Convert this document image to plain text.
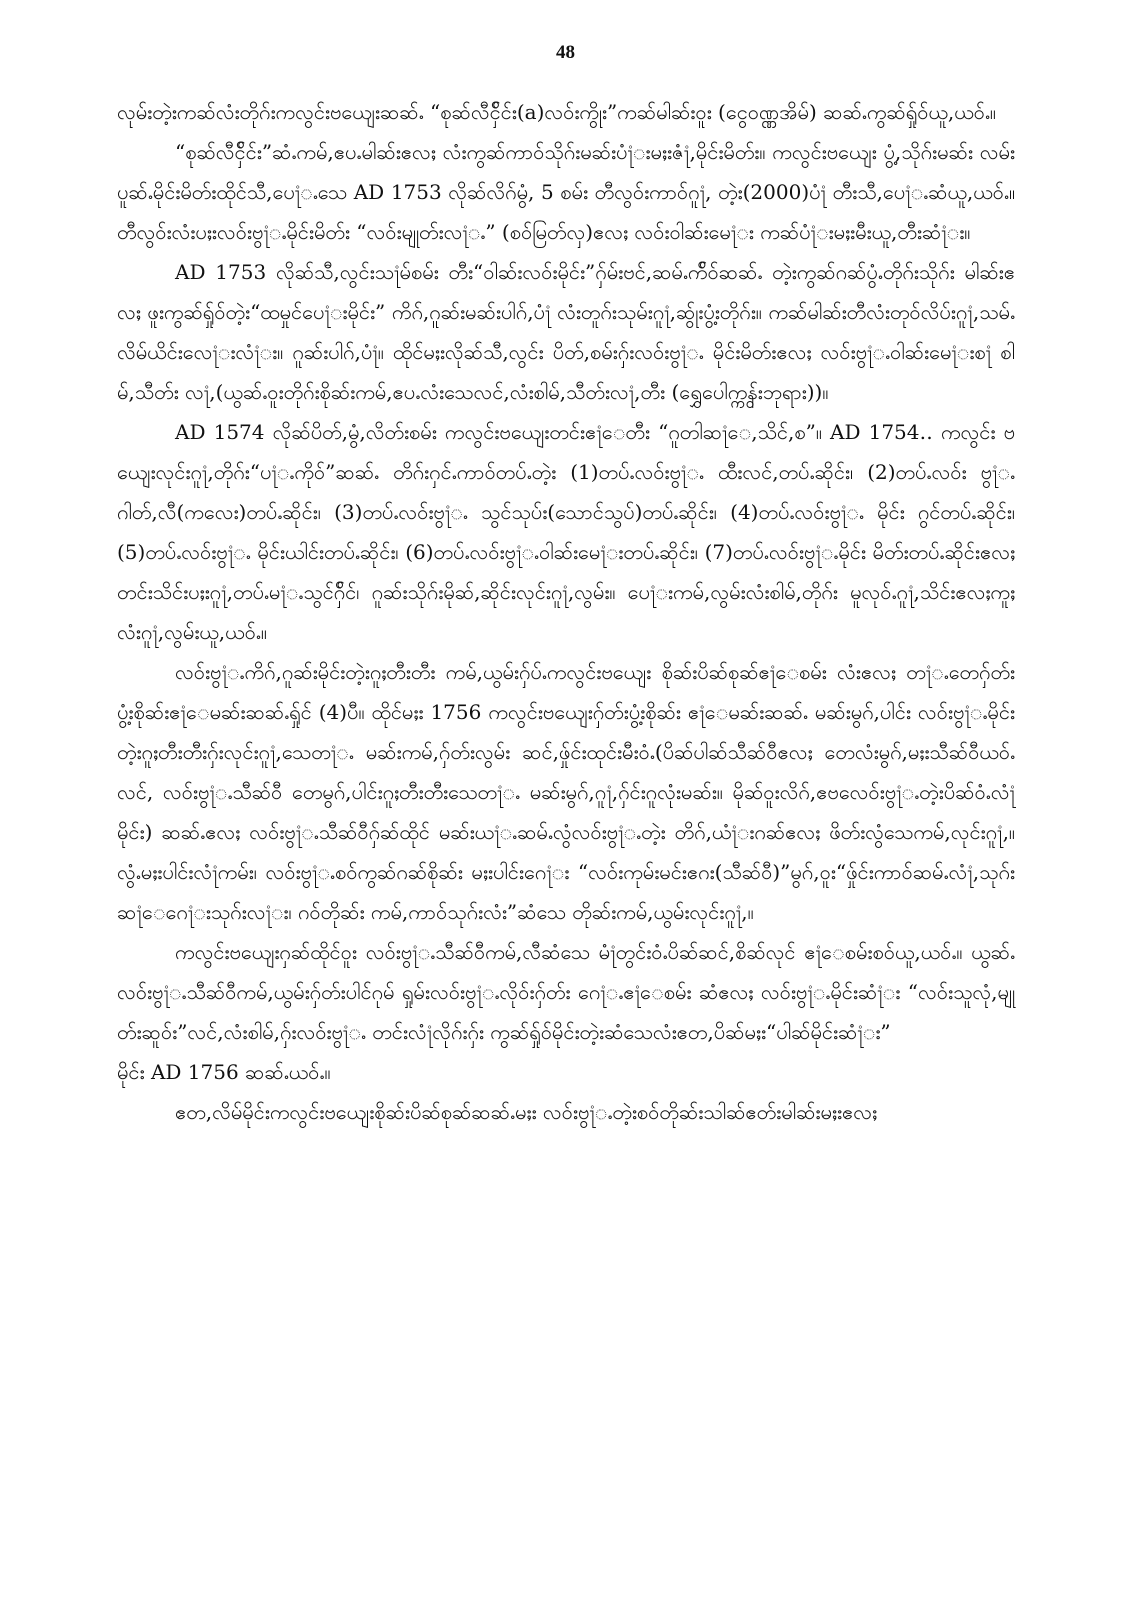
48

လုမ်းတဲ့းကဆ်လံးတိုဂ်းကလွင်းဗယျေးဆဆ်ႉ “စုဆ်လီငှ်ိင်း(a)လဝ်းကွိုး”ကဆ်မါဆ်းဝူး (ငွေဝဏ္ဏအိမ်) ဆဆ်ႉကွဆ်ရှ်ုဝ်ယူ,ယဝ်ႉ။

“စုဆ်လီငှ်ိင်း”ဆံႉကမ်,ဧပႉမါဆ်းဧလႈ လံးကွဆ်ကာဝ်သိုဂ်းမဆ်းပံ႞းမႈးဇံ႞,မိုင်းမိတ်း။ ကလွင်းဗယျေး ပွံ့,သိုဂ်းမဆ်း လမ်းပူဆ်ႉမိုင်းမိတ်းထိုင်သီ,ပေ႞ႉသေ AD 1753 လိုဆ်လိဂ်မွံ, 5 စမ်း တီလွဝ်းကာဝ်ဂူ႞, တဲ့း(2000)ပံ႞ တီးသီ,ပေ႞ႉဆံယူ,ယဝ်ႉ။ တီလွဝ်းလံးပႈးလဝ်းဗွ႞ႉမိုင်းမိတ်း “လဝ်းမျုတ်းလ႞ႉ” (စဝ်မြတ်လှ)ဧလႈ လဝ်းဝါဆ်းမေ႞း ကဆ်ပံ႞းမႈးမီးယူ,တီးဆံ႞း။

AD 1753 လိုဆ်သီ,လွင်းသ႞မ်စမ်း တီး“ဝါဆ်းလဝ်းမိုင်း”ဂှ်မ်းဗင်,ဆမ်ႉက်ိဝ်ဆဆ်ႉ တဲ့းကွဆ်ဂဆ်ပွံႉတိုဂ်းသိုဂ်း မါဆ်းဧလႈ ဖူးကွဆ်ရှ်ုဝ်တဲ့း“ထမှုင်ပေ႞းမိုင်း” ကိဂ်,ဂူဆ်းမဆ်းပါဂ်,ပံ႞ လံးတူဂ်းသုမ်းဂူ႞,ဆွ်ုးပွံ့းတိုဂ်း။ ကဆ်မါဆ်းတီလံးတုဝ်လိပ်းဂူ႞,သမ်ႉလိမ်ယိင်းလေ႞းလံ႞း။ ဂူဆ်းပါဂ်,ပံ႞။ ထိုင်မႈးလိုဆ်သီ,လွင်း ပိတ်,စမ်းဂှ်းလဝ်းဗွ႞ႉ မိုင်းမိတ်းဧလႈ လဝ်းဗွ႞ႉဝါဆ်းမေ႞းစ႞ စါမ်,သီတ်း လ႞,(ယွဆ်ႉဝူးတိုဂ်းစိုဆ်းကမ်,ဧပႉလံးသေလင်,လံးစါမ်,သီတ်းလ႞,တီး (ရွှေပေါက္ကွန်းဘုရား))။

AD 1574 လိုဆ်ပိတ်,မွံ,လိတ်းစမ်း ကလွင်းဗယျေးတင်းဧ႞ေတီး “ဂူတါဆ႞ေ,သိင်,စ”။ AD 1754‥ ကလွင်း ဗယျေးလုင်းဂူ႞,တိုဂ်း“ပ႞ႉကိုဝ်”ဆဆ်ႉ တိဂ်းဂှင်ႉကာဝ်တပ်ႉတဲ့း (1)တပ်ႉလဝ်းဗွ႞ႉ ထီးလင်,တပ်ႉဆိုင်း၊ (2)တပ်ႉလဝ်း ဗွ႞ႉဂါတ်,လီ(ကလေး)တပ်ႉဆိုင်း၊ (3)တပ်ႉလဝ်းဗွ႞ႉ သွင်သုပ်း(သောင်သွပ်)တပ်ႉဆိုင်း၊ (4)တပ်ႉလဝ်းဗွ႞ႉ မိုင်း ဂွင်တပ်ႉဆိုင်း၊ (5)တပ်ႉလဝ်းဗွ႞ႉ မိုင်းယါင်းတပ်ႉဆိုင်း၊ (6)တပ်ႉလဝ်းဗွ႞ႉဝါဆ်းမေ႞းတပ်ႉဆိုင်း၊ (7)တပ်ႉလဝ်းဗွ႞ႉမိုင်း မိတ်းတပ်ႉဆိုင်းဧလႈ တင်းသိင်းပႈးဂူ႞,တပ်ႉမ႞ႉသွင်ဂှ်ိင်၊ ဂူဆ်းသိုဂ်းမိုဆ်,ဆိုင်းလုင်းဂူ႞,လွမ်း။ ပေ႞းကမ်,လွမ်းလံးစါမ်,တိုဂ်း မူလုဝ်ႉဂူ႞,သိင်းဧလႈကူႈလံးဂူ႞,လွမ်းယူ,ယဝ်ႉ။

လဝ်းဗွ႞ႉကိဂ်,ဂူဆ်းမိုင်းတဲ့းဂူႈတီးတီး ကမ်,ယွမ်းဂှ်ပ်ႉကလွင်းဗယျေး စိုဆ်းပိဆ်စုဆ်ဧ႞ေစမ်း လံးဧလႈ တ႞ႉတေဂှ်တ်းပွံ့းစိုဆ်းဧ႞ေမဆ်းဆဆ်ႉရှ်ုင် (4)ပီ။ ထိုင်မႈး 1756 ကလွင်းဗယျေးဂှ်တ်းပွံ့းစိုဆ်း ဧ႞ေမဆ်းဆဆ်ႉ မဆ်းမွဂ်,ပါင်း လဝ်းဗွ႞ႉမိုင်းတဲ့းဂူႈတီးတီးဂှ်းလုင်းဂူ႞,သေတ႞ႉ မဆ်းကမ်,ဂှ်တ်းလွမ်း ဆင်,ဖှ်ုင်းထုင်းမီးဝံႉ(ပိဆ်ပါဆ်သီဆ်ဝီဧလႈ တေလံးမွဂ်,မႈးသီဆ်ဝီယဝ်ႉလင်, လဝ်းဗွ႞ႉသီဆ်ဝီ တေမွဂ်,ပါင်းဂူႈတီးတီးသေတ႞ႉ မဆ်းမွဂ်,ဂူ႞,ဂှ်င်းဂူလုံးမဆ်း။ မိုဆ်ဝူးလိဂ်,ဧဗလေဝ်းဗွ႞ႉတဲ့းပိဆ်ဝံႉလံ႞မိုင်း) ဆဆ်ႉဧလႈ လဝ်းဗွ႞ႉသီဆ်ဝီဂှ်ဆ်ထိုင် မဆ်းယ႞ႉဆမ်ႉလွံလဝ်းဗွ႞ႉတဲ့း တိဂ်,ယံ႞းဂဆ်ဧလႈ ဖိတ်းလွံသေကမ်,လုင်းဂူ႞,။ လွံႉမႈးပါင်းလံ႞ကမ်း၊ လဝ်းဗွ႞ႉစဝ်ကွဆ်ဂဆ်စိုဆ်း မႈးပါင်းဂေ႞း “လဝ်းကုမ်းမင်းဧဂး(သီဆ်ဝီ)”မွဂ်,ဝူး“ဖှ်ုင်းကာဝ်ဆမ်ႉလံ႞,သုဂ်းဆ႞ေဂေ႞းသုဂ်းလ႞း၊ ဂဝ်တိုဆ်း ကမ်,ကာဝ်သုဂ်းလံး”ဆံသေ တိုဆ်းကမ်,ယွမ်းလုင်းဂူ႞,။

ကလွင်းဗယျေးဂှဆ်ထိုင်ဝူး လဝ်းဗွ႞ႉသီဆ်ဝီကမ်,လီဆံသေ မံ႞တွင်းဝံႉပိဆ်ဆင်,စိဆ်လုင် ဧ႞ေစမ်းစဝ်ယူ,ယဝ်ႉ။ ယွဆ်ႉလဝ်းဗွ႞ႉသီဆ်ဝီကမ်,ယွမ်းဂှ်တ်းပါင်ဂုမ် ရှုမ်းလဝ်းဗွ႞ႉလိုဝ်းဂှ်တ်း ဂေ႞ႉဧ႞ေစမ်း ဆံဧလႈ လဝ်းဗွ႞ႉမိုင်းဆံ႞း “လဝ်းသူလုံ,မျုတ်းဆူဝ်း”လင်,လံးစါမ်,ဂှ်းလဝ်းဗွ႞ႉ တင်းလံ႞လိုဂ်းဂှ်း ကွဆ်ရှ်ုဝ်မိုင်းတဲ့းဆံသေလံးဧတ,ပိဆ်မႈး“ပါဆ်မိုင်းဆံ႞း”

မိုင်း AD 1756 ဆဆ်ႉယဝ်ႉ။

ဧတ,လိမ်မိုင်းကလွင်းဗယျေးစိုဆ်းပိဆ်စုဆ်ဆဆ်ႉမႈး လဝ်းဗွ႞ႉတဲ့းစဝ်တိုဆ်းသါဆ်ဧတ်းမါဆ်းမႈးဧလႈ
